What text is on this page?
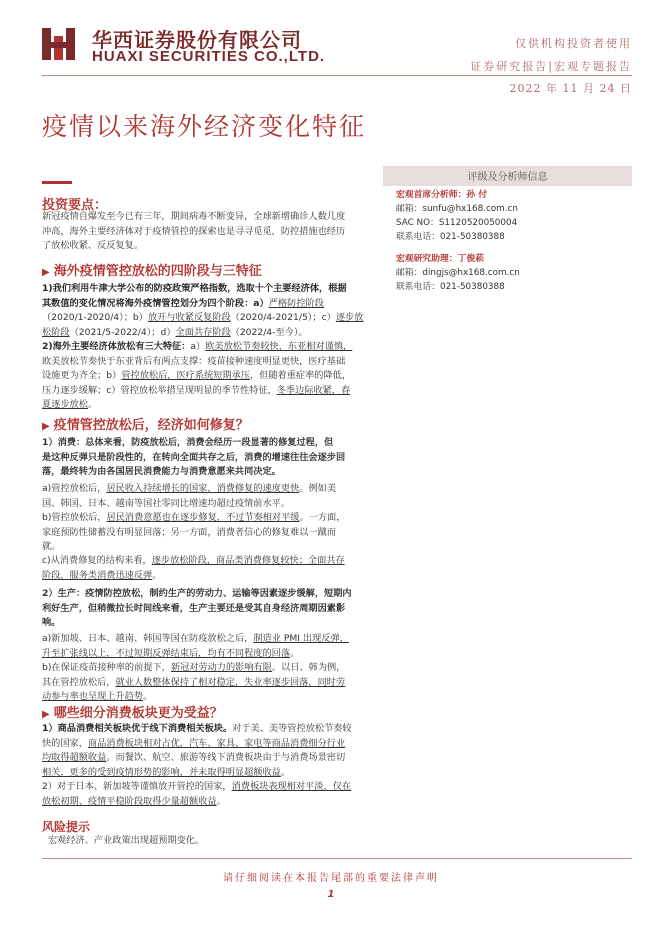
华西证券股份有限公司
HUAXI SECURITIES CO.,LTD.
仅供机构投资者使用
证券研究报告|宏观专题报告
2022 年 11 月 24 日
疫情以来海外经济变化特征
评级及分析师信息
宏观首席分析师：孙 付
邮箱：sunfu@hx168.com.cn
SAC NO：S1120520050004
联系电话：021-50380388
宏观研究助理：丁俊菘
邮箱：dingjs@hx168.com.cn
联系电话：021-50380388
投资要点：
新冠疫情自爆发至今已有三年，期间病毒不断变异，全球新增确诊人数几度
冲高，海外主要经济体对于疫情管控的探索也是寻寻觅觅，防控措施也经历
了放松收紧、反反复复。
▶ 海外疫情管控放松的四阶段与三特征
1)我们利用牛津大学公布的防疫政策严格指数，选取十个主要经济体，根据
其数值的变化情况将海外疫情管控划分为四个阶段：a）严格防控阶段
（2020/1-2020/4）；b）放开与收紧反复阶段（2020/4-2021/5）；c）逐步放
松阶段（2021/5-2022/4）；d）全面共存阶段（2022/4-至今）。
2)海外主要经济体放松有三大特征：a）欧美放松节奏较快，东亚相对谨慎，
欧美放松节奏快于东亚背后有两点支撑：疫苗接种速度明显更快，医疗基础
设施更为齐全；b）管控放松后，医疗系统短期承压，但随着重症率的降低，
压力逐步缓解；c）管控放松举措呈现明显的季节性特征，冬季边际收紧，春
夏逐步放松。
▶ 疫情管控放松后，经济如何修复？
1）消费：总体来看，防疫放松后，消费会经历一段显著的修复过程，但
是这种反弹只是阶段性的，在转向全面共存之后，消费的增速往往会逐步回
落，最终转为由各国居民消费能力与消费意愿来共同决定。
a)管控放松后，居民收入持续增长的国家，消费修复的速度更快。例如美
国、韩国、日本、越南等国社零同比增速均超过疫情前水平。
b)管控放松后，居民消费意愿也在逐步修复，不过节奏相对平缓。一方面，
家庭预防性储蓄没有明显回落；另一方面，消费者信心的修复难以一蹴而
就。
c)从消费修复的结构来看，逐步放松阶段，商品类消费修复较快；全面共存
阶段，服务类消费迅速反弹。
2）生产：疫情防控放松，制约生产的劳动力、运输等因素逐步缓解，短期内
利好生产，但稍微拉长时间线来看，生产主要还是受其自身经济周期因素影
响。
a)新加坡、日本、越南、韩国等国在防疫放松之后，制造业 PMI 出现反弹，
升至扩张线以上，不过短期反弹结束后，均有不同程度的回落。
b)在保证疫苗接种率的前提下，新冠对劳动力的影响有限。以日、韩为例，
其在管控放松后，就业人数整体保持了相对稳定，失业率逐步回落，同时劳
动参与率也呈现上升趋势。
▶ 哪些细分消费板块更为受益？
1）商品消费相关板块优于线下消费相关板块。对于美、美等管控放松节奏较
快的国家，商品消费板块相对占优，汽车、家具、家电等商品消费细分行业
均取得超额收益。而餐饮、航空、旅游等线下消费板块由于与消费场景密切
相关，更多的受到疫情形势的影响，并未取得明显超额收益。
2）对于日本、新加坡等谨慎放开管控的国家，消费板块表现相对平淡，仅在
放松初期、疫情平稳阶段取得少量超额收益。
风险提示
宏观经济、产业政策出现超预期变化。
请仔细阅读在本报告尾部的重要法律声明
1
